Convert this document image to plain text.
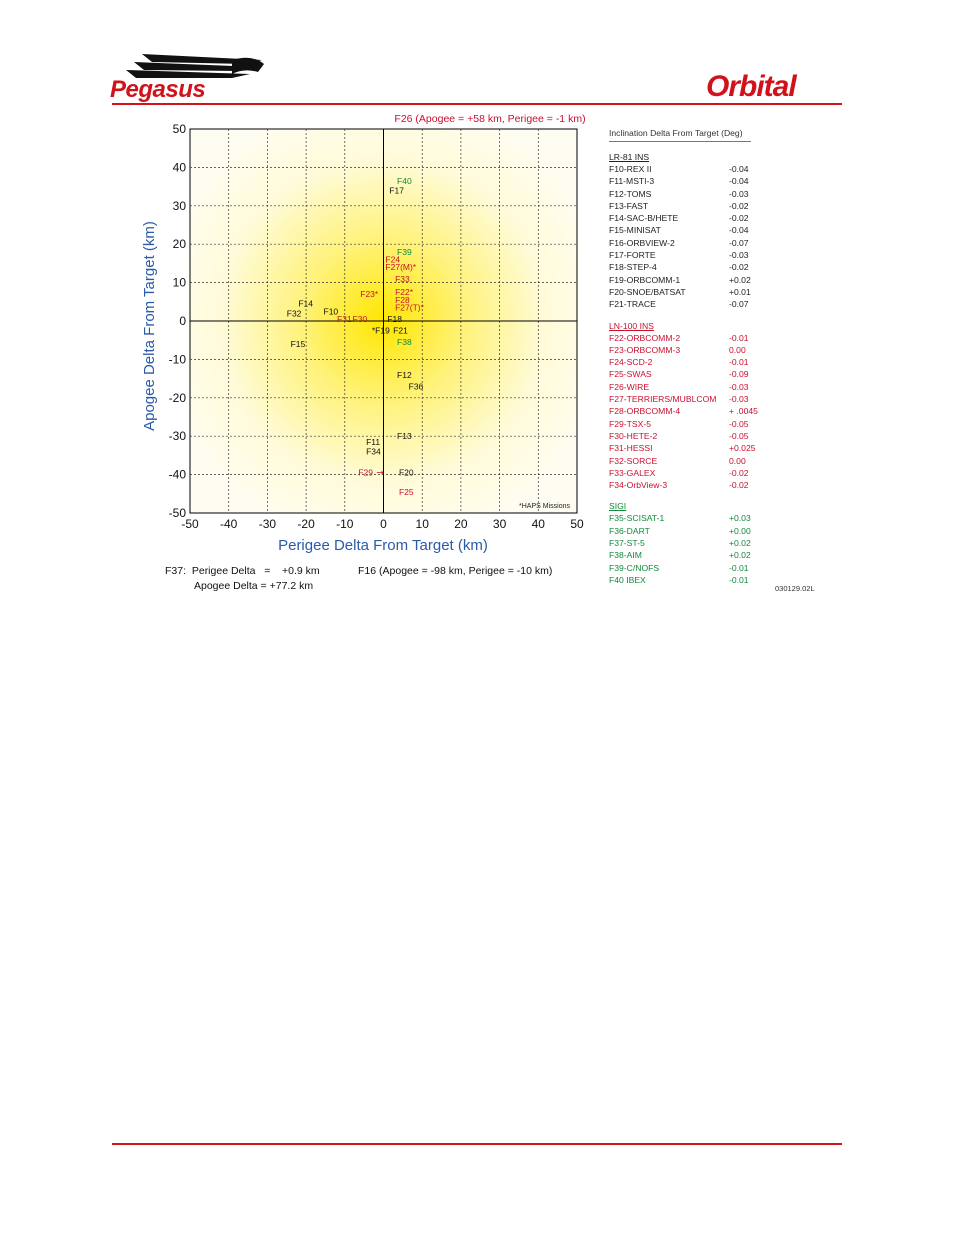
Pegasus	Orbital
-50 -40 -30 -20 -10 0 10 20 30 40 50
50
40
30
20
10
0
-10
-20
-30
-40
-50
F40
F17
F39
F24
F27(M)*
F33
F22*
F23*
F28
F27(T)*
F14
F32	F10
F31 F30 F18
*F19 F21
F38
F15
F12
F36
F13
F11
F34
F29	F20
F25
→
F26 (Apogee = +58 km, Perigee = -1 km)
*HAPS Missions
Perigee Delta From Target (km)
Apogee Delta From Target (km)
F37:  Perigee Delta   =    +0.9 km
Apogee Delta = +77.2 km
F16 (Apogee = -98 km, Perigee = -10 km)
Inclination Delta From Target (Deg)
LR-81 INS
F10-REX II	-0.04
F11-MSTI-3	-0.04
F12-TOMS	-0.03
F13-FAST	-0.02
F14-SAC-B/HETE	-0.02
F15-MINISAT	-0.04
F16-ORBVIEW-2	-0.07
F17-FORTE	-0.03
F18-STEP-4	-0.02
F19-ORBCOMM-1	+0.02
F20-SNOE/BATSAT	+0.01
F21-TRACE	-0.07
LN-100 INS
F22-ORBCOMM-2	-0.01
F23-ORBCOMM-3	0.00
F24-SCD-2	-0.01
F25-SWAS	-0.09
F26-WIRE	-0.03
F27-TERRIERS/MUBLCOM -0.03
F28-ORBCOMM-4	+ .0045
F29-TSX-5	-0.05
F30-HETE-2	-0.05
F31-HESSI	+0.025
F32-SORCE	0.00
F33-GALEX	-0.02
F34-OrbView-3	-0.02
SIGI
F35-SCISAT-1	+0.03
F36-DART	+0.00
F37-ST-5	+0.02
F38-AIM	+0.02
F39-C/NOFS	-0.01
F40 IBEX	-0.01
030129.02L
